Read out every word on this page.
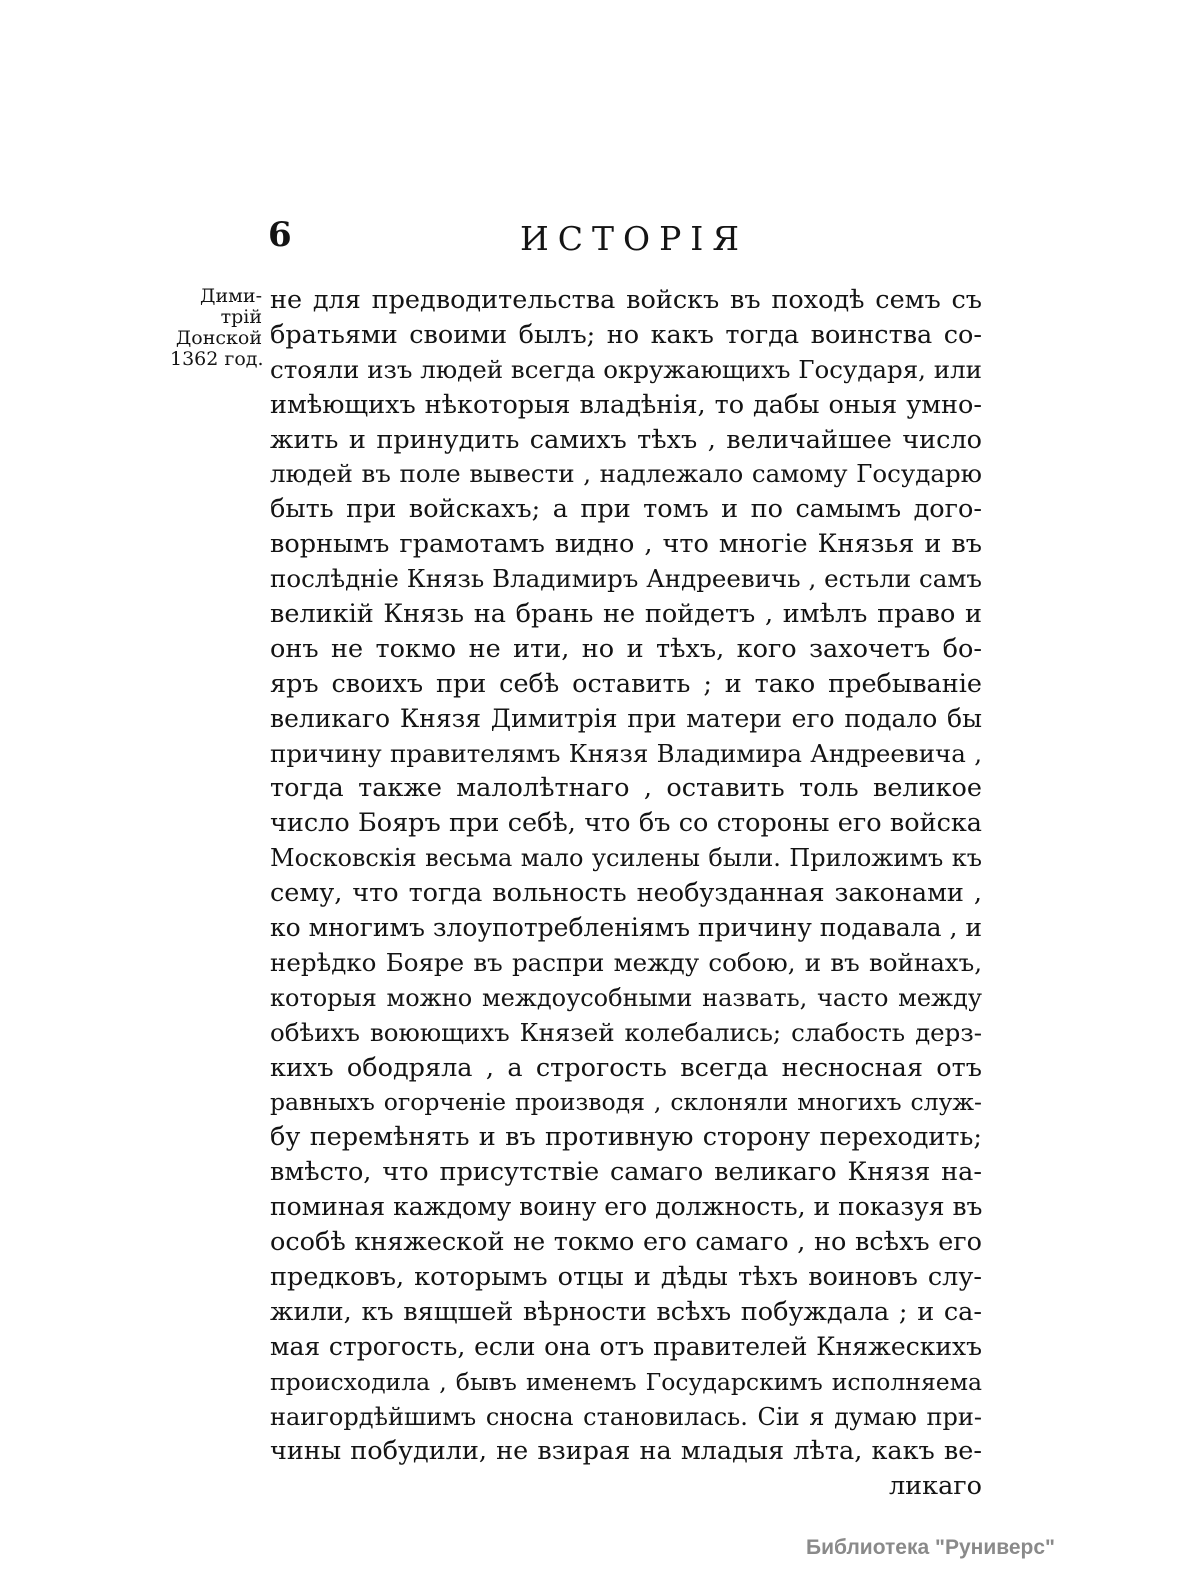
6	ИСТОРІЯ
Дими-
трій
Донской
1362 год.
не для предводительства войскъ въ походѣ семъ съ
братьями своими былъ; но какъ тогда воинства со-
стояли изъ людей всегда окружающихъ Государя, или
имѣющихъ нѣкоторыя владѣнія, то дабы оныя умно-
жить и принудить самихъ тѣхъ , величайшее число
людей въ поле вывести , надлежало самому Государю
быть при войскахъ; а при томъ и по самымъ дого-
ворнымъ грамотамъ видно , что многіе Князья и въ
послѣдніе Князь Владимиръ Андреевичь , естьли самъ
великій Князь на брань не пойдетъ , имѣлъ право и
онъ не токмо не ити, но и тѣхъ, кого захочетъ бо-
яръ своихъ при себѣ оставить ; и тако пребываніе
великаго Князя Димитрія при матери его подало бы
причину правителямъ Князя Владимира Андреевича ,
тогда также малолѣтнаго , оставить толь великое
число Бояръ при себѣ, что бъ со стороны его войска
Московскія весьма мало усилены были. Приложимъ къ
сему, что тогда вольность необузданная законами ,
ко многимъ злоупотребленіямъ причину подавала , и
нерѣдко Бояре въ распри между собою, и въ войнахъ,
которыя можно междоусобными назвать, часто между
обѣихъ воюющихъ Князей колебались; слабость дерз-
кихъ ободряла , а строгость всегда несносная отъ
равныхъ огорченіе производя , склоняли многихъ служ-
бу перемѣнять и въ противную сторону переходить;
вмѣсто, что присутствіе самаго великаго Князя на-
поминая каждому воину его должность, и показуя въ
особѣ княжеской не токмо его самаго , но всѣхъ его
предковъ, которымъ отцы и дѣды тѣхъ воиновъ слу-
жили, къ вящшей вѣрности всѣхъ побуждала ; и са-
мая строгость, если она отъ правителей Княжескихъ
происходила , бывъ именемъ Государскимъ исполняема
наигордѣйшимъ снocна становилась. Сіи я думаю при-
чины побудили, не взирая на младыя лѣта, какъ ве-
ликаго
Библиотека "Руниверс"
